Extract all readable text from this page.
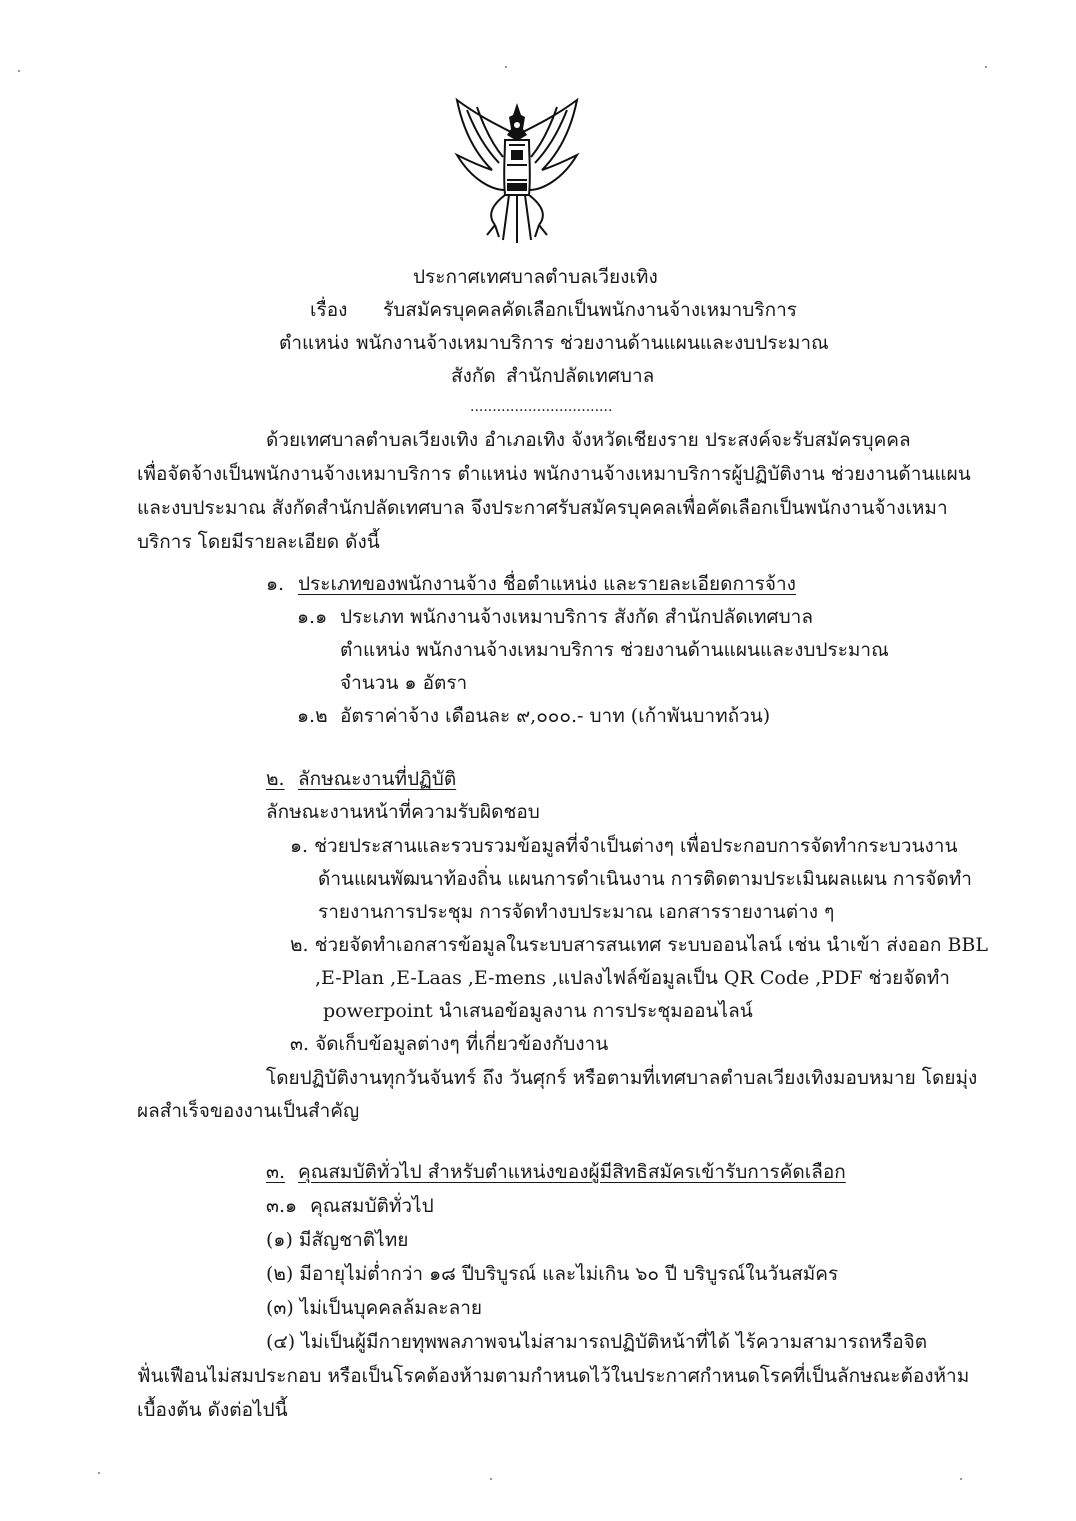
ประกาศเทศบาลตำบลเวียงเทิง
เรื่อง รับสมัครบุคคลคัดเลือกเป็นพนักงานจ้างเหมาบริการ
ตำแหน่ง พนักงานจ้างเหมาบริการ ช่วยงานด้านแผนและงบประมาณ
สังกัด สำนักปลัดเทศบาล
................................
ด้วยเทศบาลตำบลเวียงเทิง อำเภอเทิง จังหวัดเชียงราย ประสงค์จะรับสมัครบุคคล
เพื่อจัดจ้างเป็นพนักงานจ้างเหมาบริการ ตำแหน่ง พนักงานจ้างเหมาบริการผู้ปฏิบัติงาน ช่วยงานด้านแผน
และงบประมาณ สังกัดสำนักปลัดเทศบาล จึงประกาศรับสมัครบุคคลเพื่อคัดเลือกเป็นพนักงานจ้างเหมา
บริการ โดยมีรายละเอียด ดังนี้
๑. ประเภทของพนักงานจ้าง ชื่อตำแหน่ง และรายละเอียดการจ้าง
๑.๑ ประเภท พนักงานจ้างเหมาบริการ สังกัด สำนักปลัดเทศบาล
ตำแหน่ง พนักงานจ้างเหมาบริการ ช่วยงานด้านแผนและงบประมาณ
จำนวน ๑ อัตรา
๑.๒ อัตราค่าจ้าง เดือนละ ๙,๐๐๐.- บาท (เก้าพันบาทถ้วน)
๒. ลักษณะงานที่ปฏิบัติ
ลักษณะงานหน้าที่ความรับผิดชอบ
๑. ช่วยประสานและรวบรวมข้อมูลที่จำเป็นต่างๆ เพื่อประกอบการจัดทำกระบวนงาน
ด้านแผนพัฒนาท้องถิ่น แผนการดำเนินงาน การติดตามประเมินผลแผน การจัดทำ
รายงานการประชุม การจัดทำงบประมาณ เอกสารรายงานต่าง ๆ
๒. ช่วยจัดทำเอกสารข้อมูลในระบบสารสนเทศ ระบบออนไลน์ เช่น นำเข้า ส่งออก BBL
,E-Plan ,E-Laas ,E-mens ,แปลงไฟล์ข้อมูลเป็น QR Code ,PDF ช่วยจัดทำ
powerpoint นำเสนอข้อมูลงาน การประชุมออนไลน์
๓. จัดเก็บข้อมูลต่างๆ ที่เกี่ยวข้องกับงาน
โดยปฏิบัติงานทุกวันจันทร์ ถึง วันศุกร์ หรือตามที่เทศบาลตำบลเวียงเทิงมอบหมาย โดยมุ่ง
ผลสำเร็จของงานเป็นสำคัญ
๓. คุณสมบัติทั่วไป สำหรับตำแหน่งของผู้มีสิทธิสมัครเข้ารับการคัดเลือก
๓.๑ คุณสมบัติทั่วไป
(๑) มีสัญชาติไทย
(๒) มีอายุไม่ต่ำกว่า ๑๘ ปีบริบูรณ์ และไม่เกิน ๖๐ ปี บริบูรณ์ในวันสมัคร
(๓) ไม่เป็นบุคคลล้มละลาย
(๔) ไม่เป็นผู้มีกายทุพพลภาพจนไม่สามารถปฏิบัติหน้าที่ได้ ไร้ความสามารถหรือจิต
ฟั่นเฟือนไม่สมประกอบ หรือเป็นโรคต้องห้ามตามกำหนดไว้ในประกาศกำหนดโรคที่เป็นลักษณะต้องห้าม
เบื้องต้น ดังต่อไปนี้
